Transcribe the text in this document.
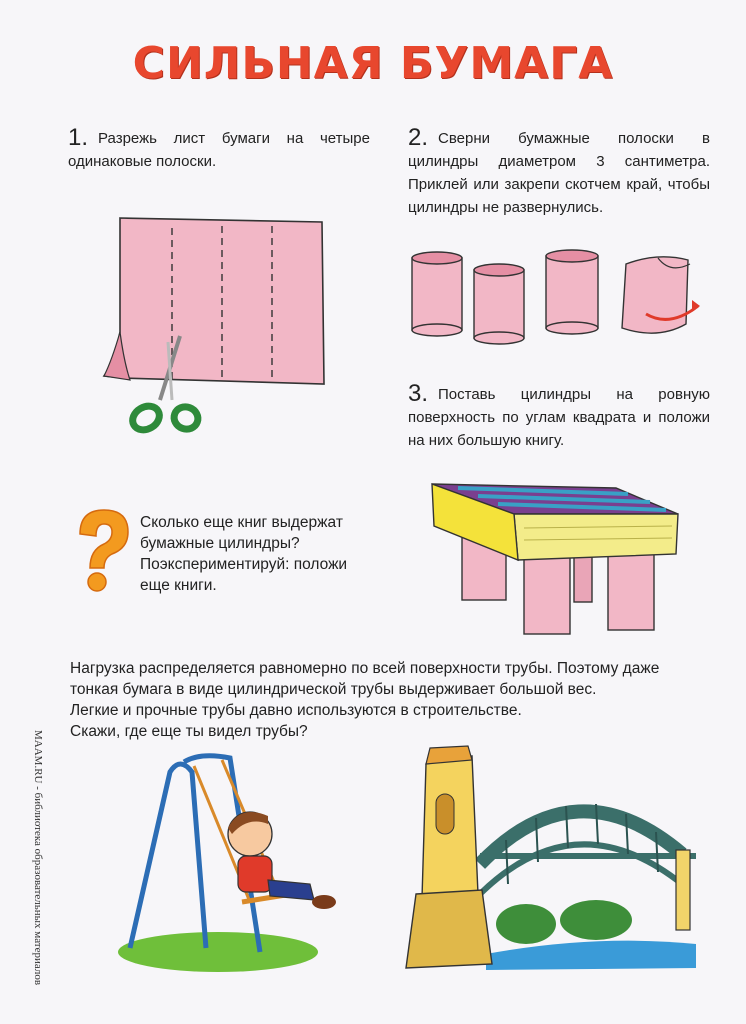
СИЛЬНАЯ БУМАГА
1. Разрежь лист бумаги на четыре одинаковые полоски.
2. Сверни бумажные полоски в цилиндры диаметром 3 сантиметра. Приклей или закрепи скотчем край, чтобы цилиндры не развернулись.
3. Поставь цилиндры на ровную поверхность по углам квадрата и положи на них большую книгу.
Сколько еще книг выдержат
бумажные цилиндры?
Поэкспериментируй: положи
еще книги.
Нагрузка распределяется равномерно по всей поверхности трубы. Поэтому даже
тонкая бумага в виде цилиндрической трубы выдерживает большой вес.
Легкие и прочные трубы давно используются в строительстве.
Скажи, где еще ты видел трубы?
MAAM.RU - библиотека образовательных материалов
